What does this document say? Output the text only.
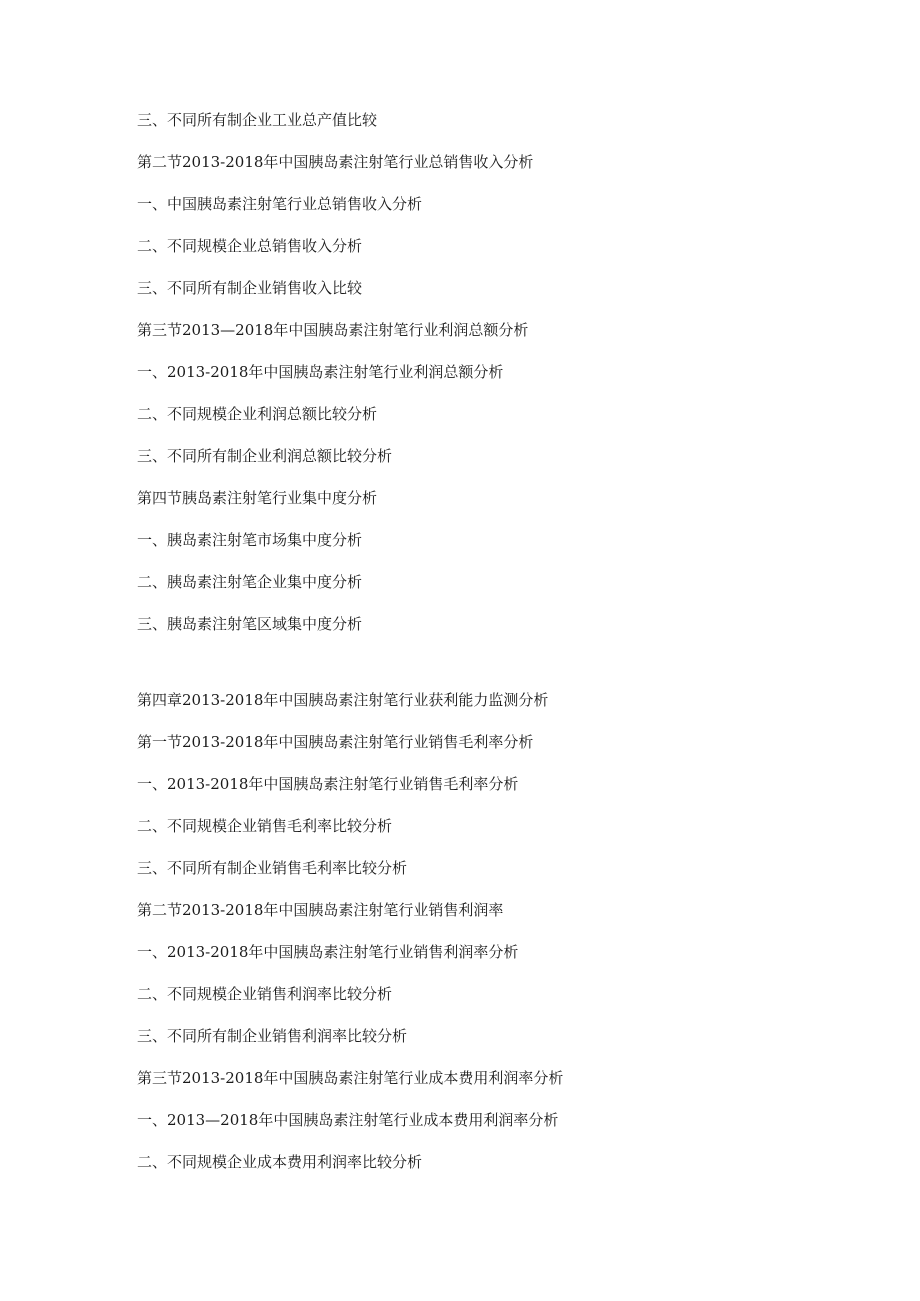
三、不同所有制企业工业总产值比较
第二节2013-2018年中国胰岛素注射笔行业总销售收入分析
一、中国胰岛素注射笔行业总销售收入分析
二、不同规模企业总销售收入分析
三、不同所有制企业销售收入比较
第三节2013—2018年中国胰岛素注射笔行业利润总额分析
一、2013-2018年中国胰岛素注射笔行业利润总额分析
二、不同规模企业利润总额比较分析
三、不同所有制企业利润总额比较分析
第四节胰岛素注射笔行业集中度分析
一、胰岛素注射笔市场集中度分析
二、胰岛素注射笔企业集中度分析
三、胰岛素注射笔区域集中度分析
第四章2013-2018年中国胰岛素注射笔行业获利能力监测分析
第一节2013-2018年中国胰岛素注射笔行业销售毛利率分析
一、2013-2018年中国胰岛素注射笔行业销售毛利率分析
二、不同规模企业销售毛利率比较分析
三、不同所有制企业销售毛利率比较分析
第二节2013-2018年中国胰岛素注射笔行业销售利润率
一、2013-2018年中国胰岛素注射笔行业销售利润率分析
二、不同规模企业销售利润率比较分析
三、不同所有制企业销售利润率比较分析
第三节2013-2018年中国胰岛素注射笔行业成本费用利润率分析
一、2013—2018年中国胰岛素注射笔行业成本费用利润率分析
二、不同规模企业成本费用利润率比较分析
